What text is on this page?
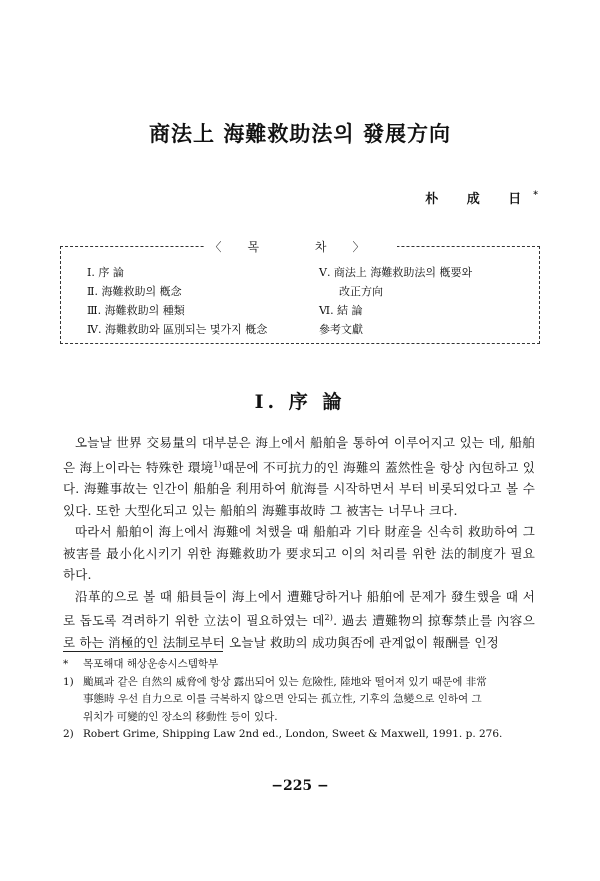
商法上 海難救助法의 發展方向
朴 成 日*
〈목 차〉
Ⅰ. 序 論
Ⅱ. 海難救助의 槪念
Ⅲ. 海難救助의 種類
Ⅳ. 海難救助와 區別되는 몇가지 槪念
Ⅴ. 商法上 海難救助法의 槪要와
改正方向
Ⅵ. 結 論
參考文獻
Ⅰ. 序 論

오늘날 世界 交易量의 대부분은 海上에서 船舶을 통하여 이루어지고 있는 데, 船舶은 海上이라는 特殊한 環境$^{1)}$때문에 不可抗力的인 海難의 蓋然性을 항상 內包하고 있다. 海難事故는 인간이 船舶을 利用하여 航海를 시작하면서 부터 비롯되었다고 볼 수 있다. 또한 大型化되고 있는 船舶의 海難事故時 그 被害는 너무나 크다.

따라서 船舶이 海上에서 海難에 처했을 때 船舶과 기타 財産을 신속히 救助하여 그 被害를 最小化시키기 위한 海難救助가 要求되고 이의 처리를 위한 法的制度가 필요하다.

沿革的으로 볼 때 船員들이 海上에서 遭難당하거나 船舶에 문제가 發生했을 때 서로 돕도록 격려하기 위한 立法이 필요하였는 데$^{2)}$. 過去 遭難物의 掠奪禁止를 內容으로 하는 消極的인 法制로부터 오늘날 救助의 成功與否에 관계없이 報酬를 인정

* 목포해대 해상운송시스템학부
1) 颱風과 같은 自然의 威脅에 항상 露出되어 있는 危險性, 陸地와 떨어져 있기 때문에 非常
事態時 우선 自力으로 이를 극복하지 않으면 안되는 孤立性, 기후의 急變으로 인하여 그
위치가 可變的인 장소의 移動性 등이 있다.
2) Robert Grime, Shipping Law 2nd ed., London, Sweet & Maxwell, 1991. p. 276.
−225 −
